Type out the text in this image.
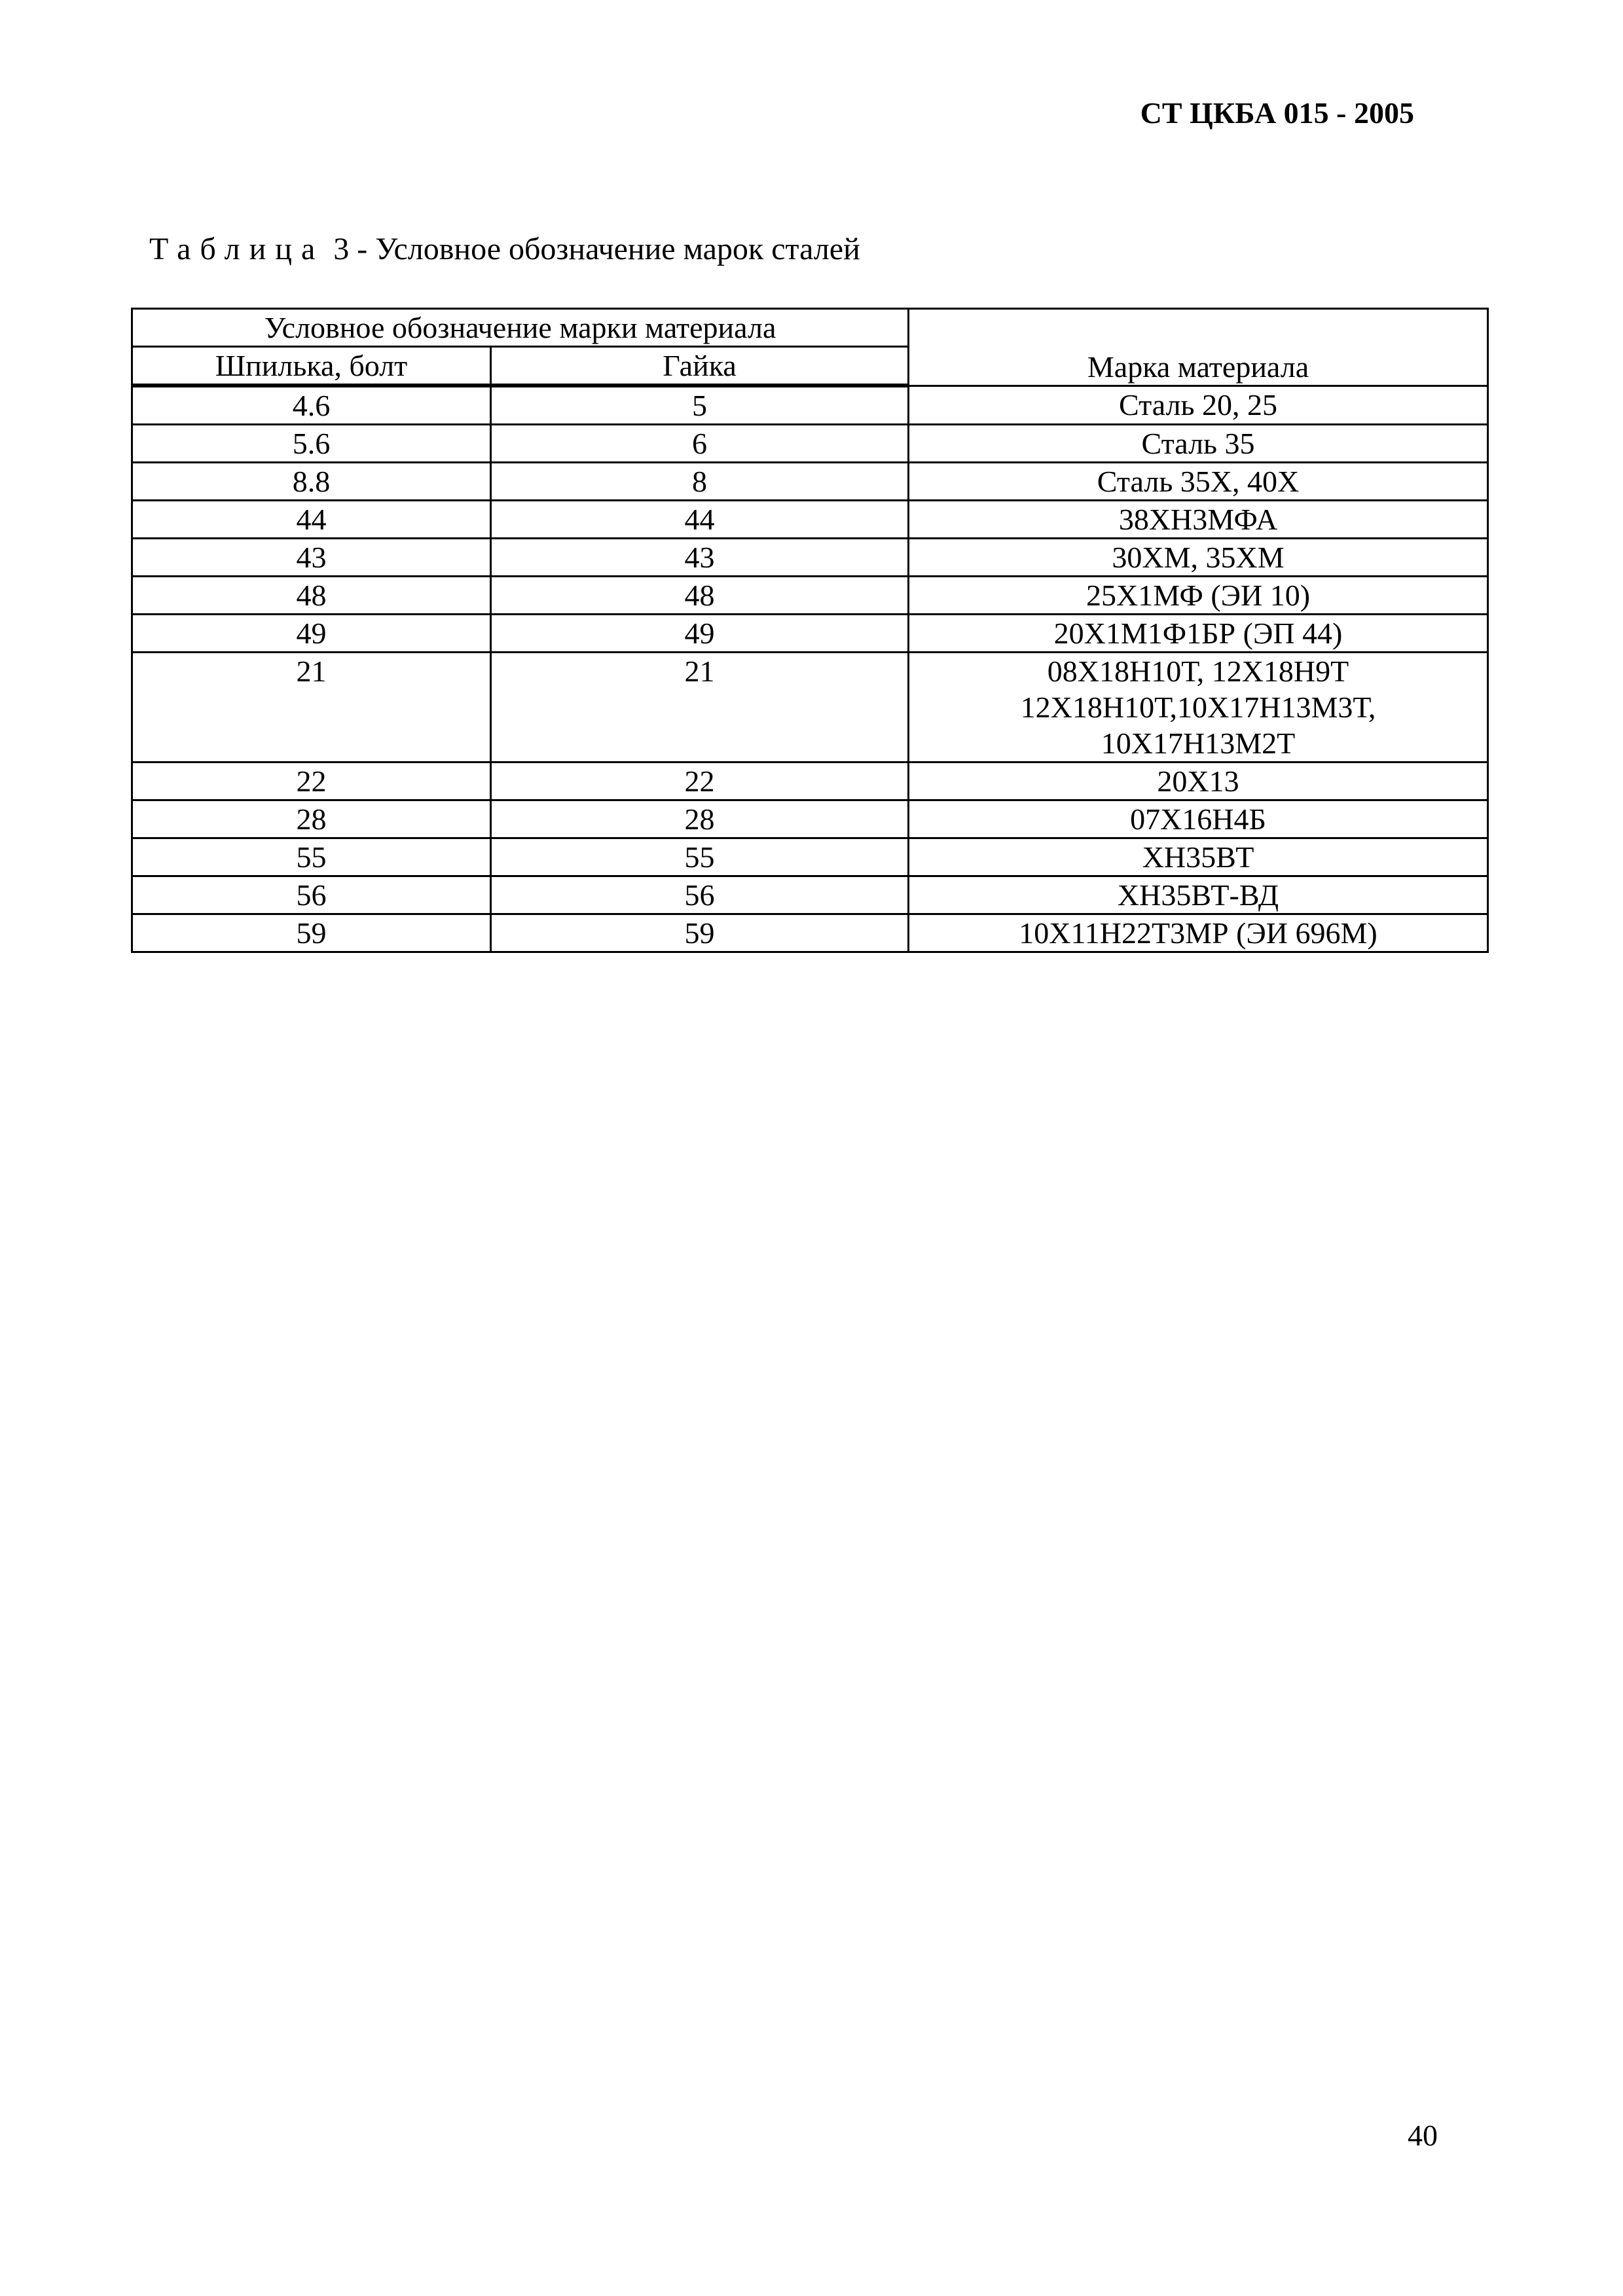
СТ ЦКБА 015 - 2005
Таблица 3 - Условное обозначение марок сталей
Условное обозначение марки материала		Марка материала
Шпилька, болт	Гайка	
4.6	5	Сталь 20, 25

5.6	6	Сталь 35

8.8	8	Сталь 35Х, 40Х

44	44	38ХН3МФА

43	43	30ХМ, 35ХМ

48	48	25Х1МФ (ЭИ 10)

49	49	20Х1М1Ф1БР (ЭП 44)

21	21	08Х18Н10Т, 12Х18Н9Т
12Х18Н10Т,10Х17Н13М3Т,
10Х17Н13М2Т

22	22	20Х13

28	28	07Х16Н4Б

55	55	ХН35ВТ

56	56	ХН35ВТ-ВД

59	59	10Х11Н22Т3МР (ЭИ 696М)
40
